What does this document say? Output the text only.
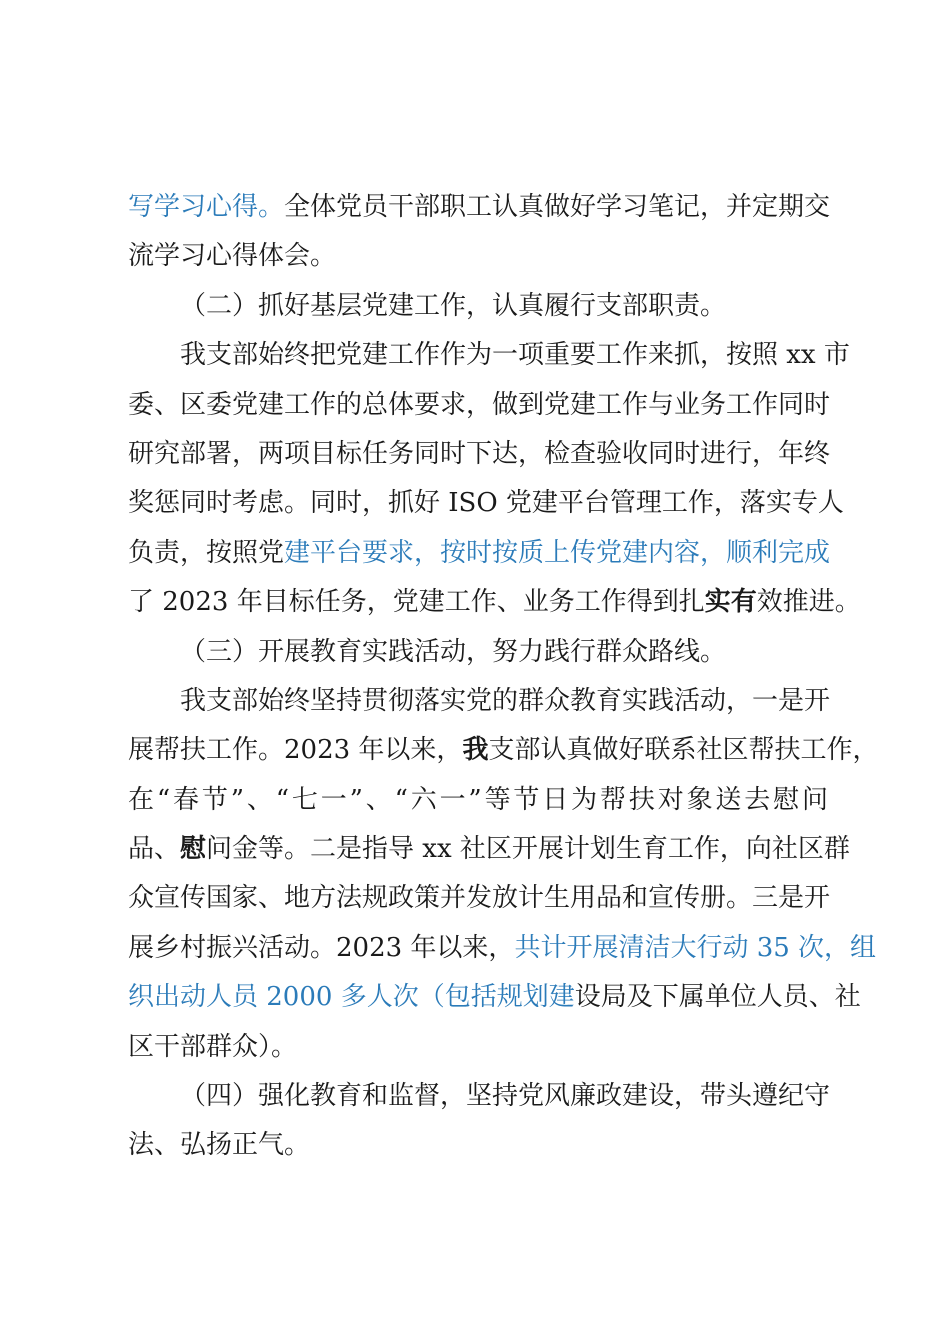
写学习心得。全体党员干部职工认真做好学习笔记，并定期交
流学习心得体会。
（二）抓好基层党建工作，认真履行支部职责。
我支部始终把党建工作作为一项重要工作来抓，按照 xx 市
委、区委党建工作的总体要求，做到党建工作与业务工作同时
研究部署，两项目标任务同时下达，检查验收同时进行，年终
奖惩同时考虑。同时，抓好 ISO 党建平台管理工作，落实专人
负责，按照党建平台要求，按时按质上传党建内容，顺利完成
了 2023 年目标任务，党建工作、业务工作得到扎实有效推进。
（三）开展教育实践活动，努力践行群众路线。
我支部始终坚持贯彻落实党的群众教育实践活动，一是开
展帮扶工作。2023 年以来，我支部认真做好联系社区帮扶工作，
在“春节”、“七一”、“六一”等节日为帮扶对象送去慰问
品、慰问金等。二是指导 xx 社区开展计划生育工作，向社区群
众宣传国家、地方法规政策并发放计生用品和宣传册。三是开
展乡村振兴活动。2023 年以来，共计开展清洁大行动 35 次，组
织出动人员 2000 多人次（包括规划建设局及下属单位人员、社
区干部群众）。
（四）强化教育和监督，坚持党风廉政建设，带头遵纪守
法、弘扬正气。
